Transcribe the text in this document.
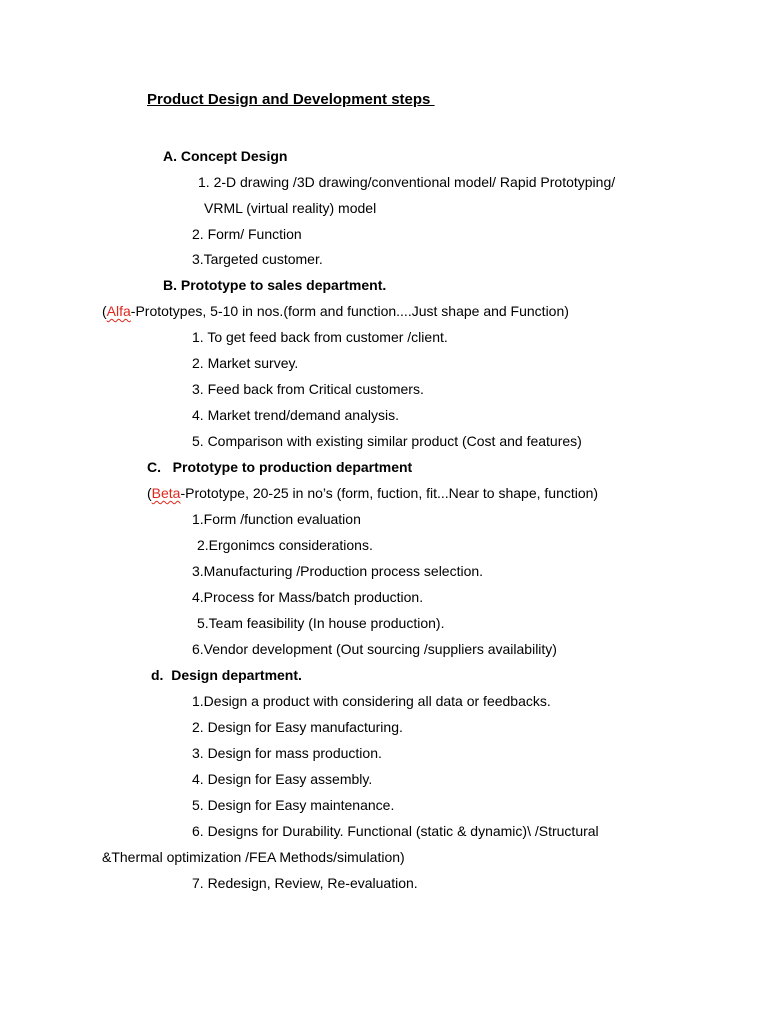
Product Design and Development steps
A. Concept Design
1. 2-D drawing /3D drawing/conventional model/ Rapid Prototyping/
VRML (virtual reality) model
2. Form/ Function
3.Targeted customer.
B. Prototype to sales department.
(Alfa-Prototypes, 5-10 in nos.(form and function....Just shape and Function)
1. To get feed back from customer /client.
2. Market survey.
3. Feed back from Critical customers.
4. Market trend/demand analysis.
5. Comparison with existing similar product (Cost and features)
C.   Prototype to production department
(Beta-Prototype, 20-25 in no’s (form, fuction, fit...Near to shape, function)
1.Form /function evaluation
2.Ergonimcs considerations.
3.Manufacturing /Production process selection.
4.Process for Mass/batch production.
5.Team feasibility (In house production).
6.Vendor development (Out sourcing /suppliers availability)
d.  Design department.
1.Design a product with considering all data or feedbacks.
2. Design for Easy manufacturing.
3. Design for mass production.
4. Design for Easy assembly.
5. Design for Easy maintenance.
6. Designs for Durability. Functional (static & dynamic)\ /Structural
&Thermal optimization /FEA Methods/simulation)
7. Redesign, Review, Re-evaluation.
